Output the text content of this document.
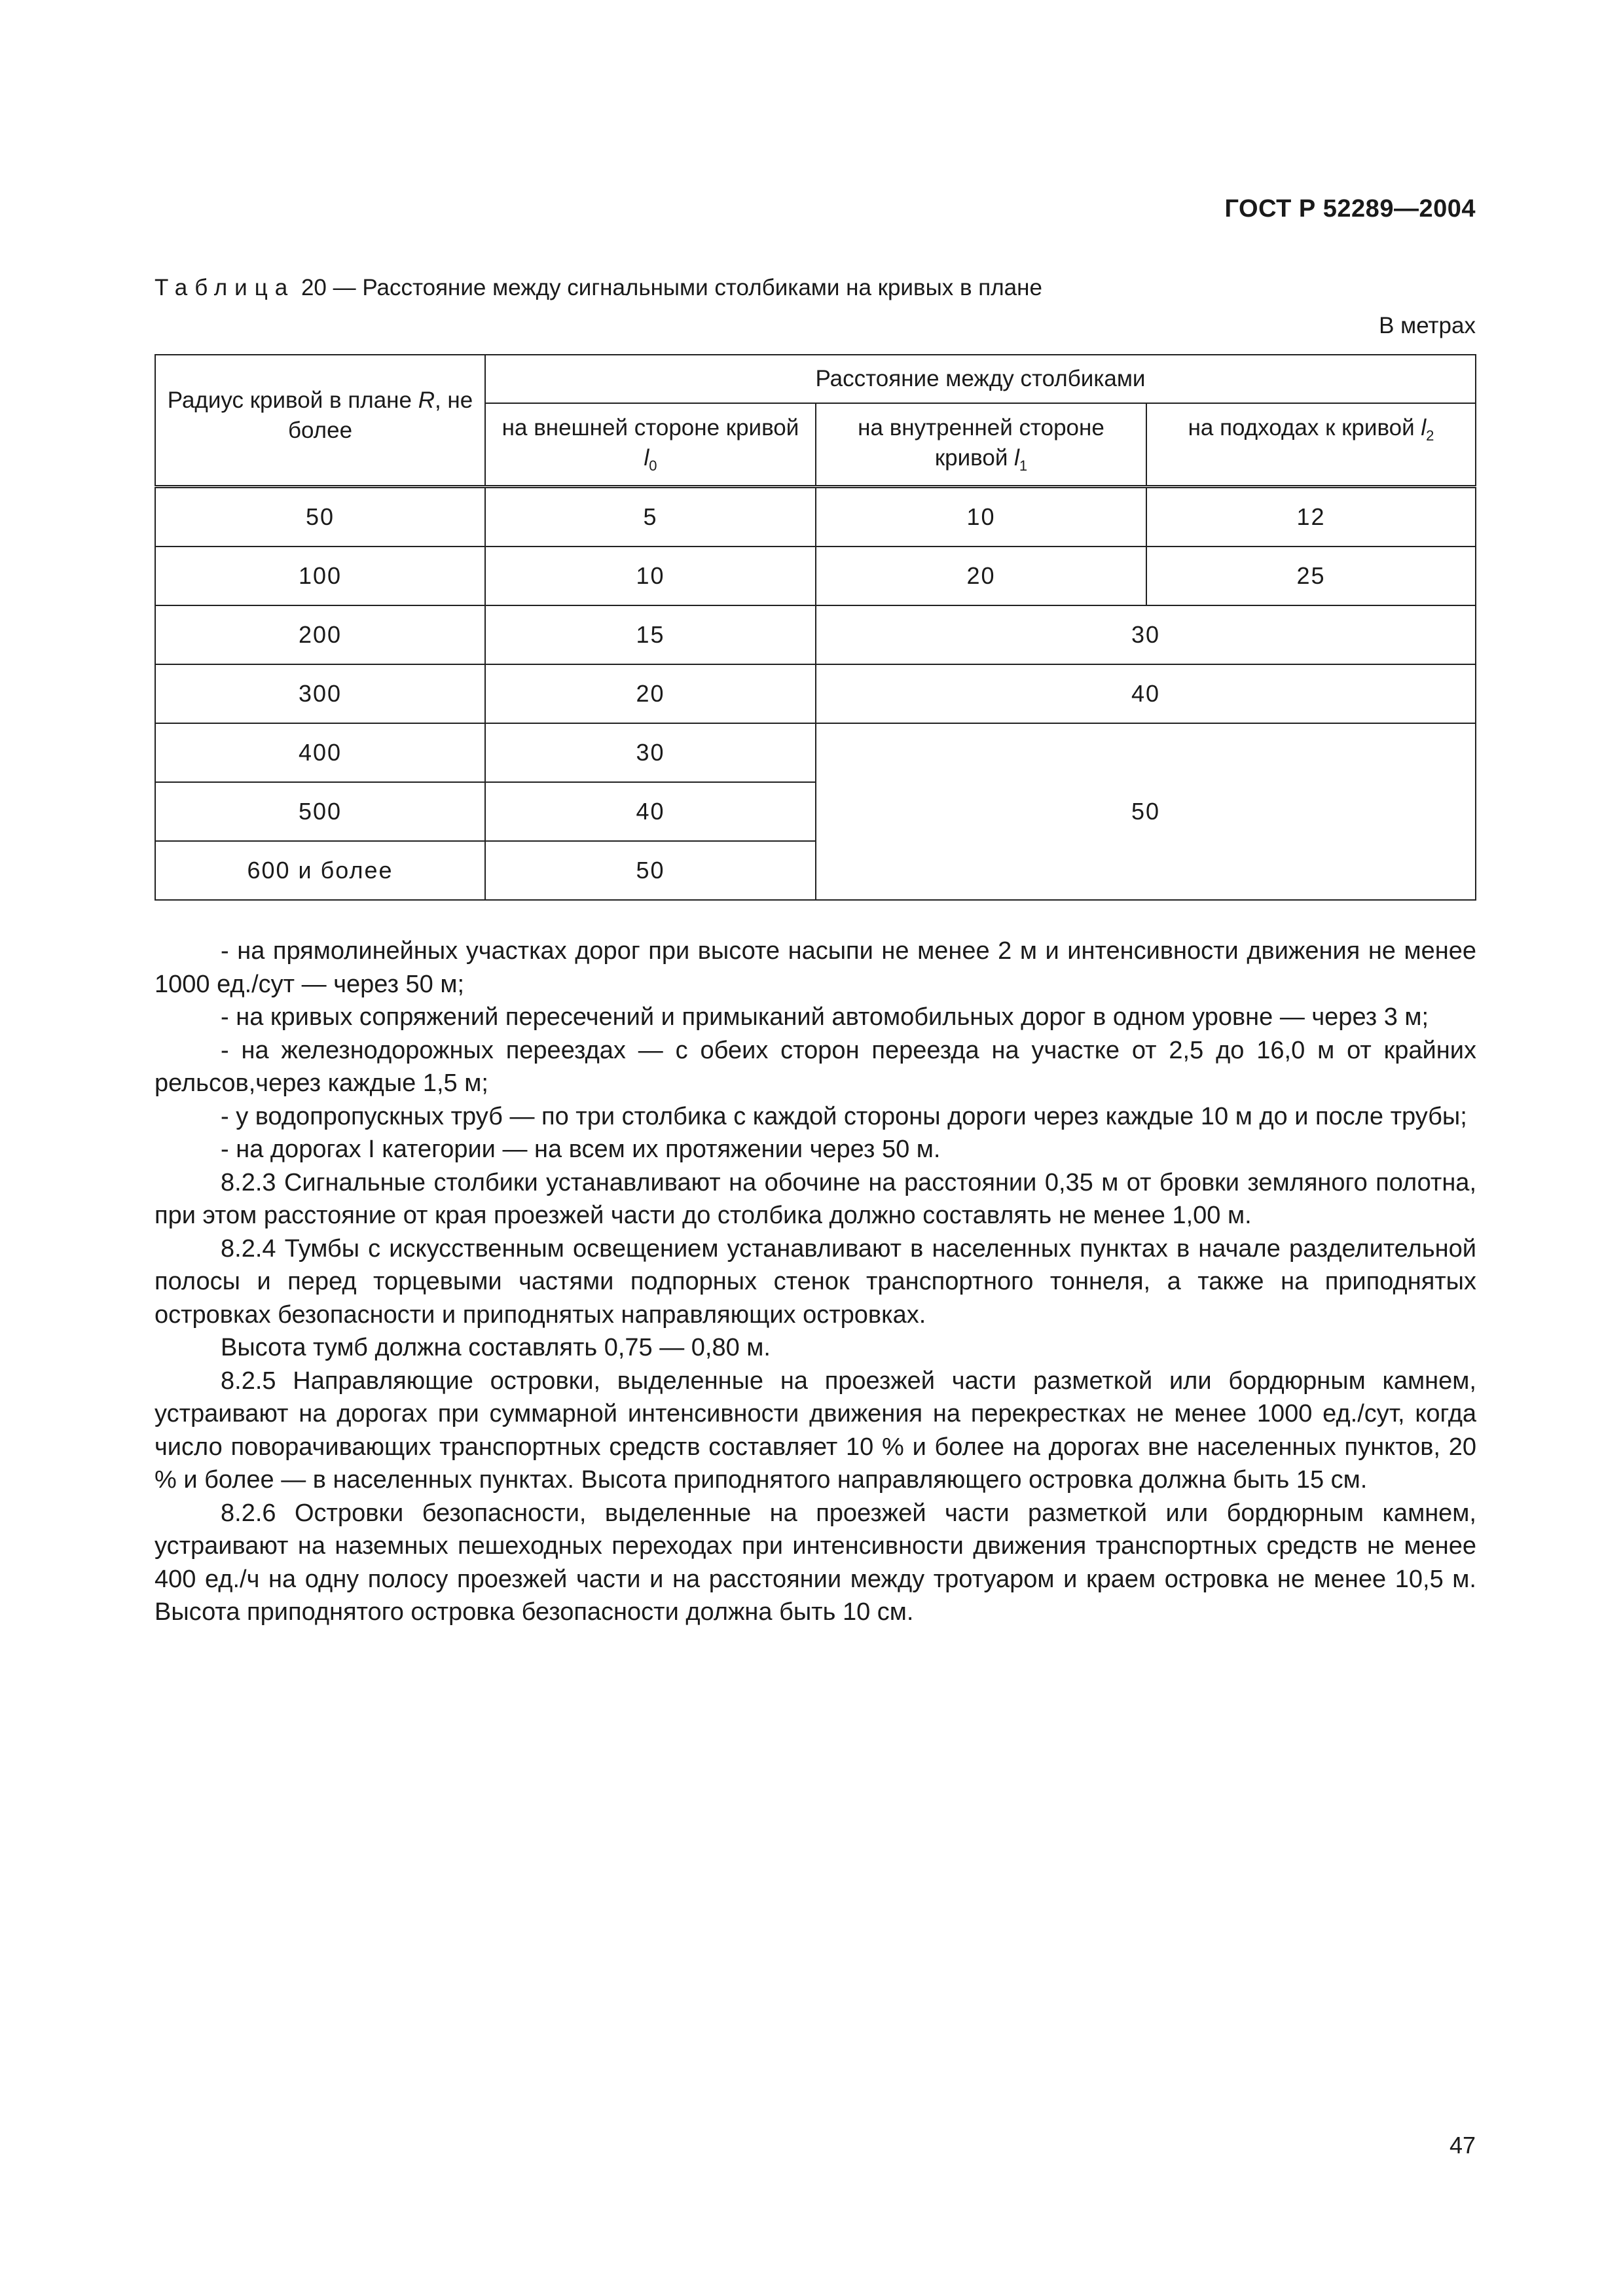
ГОСТ Р 52289—2004
Таблица 20 — Расстояние между сигнальными столбиками на кривых в плане
В метрах
Радиус кривой в плане R, не более	Расстояние между столбиками		
	на внешней стороне кривой $l_0$	на внутренней стороне кривой $l_1$	на подходах к кривой $l_2$
50	5	10	12
100	10	20	25
200	15	30	
300	20	40	
400	30	50	
500	40		
600 и более	50		

- на прямолинейных участках дорог при высоте насыпи не менее 2 м и интенсивности движения не менее 1000 ед./сут — через 50 м;

- на кривых сопряжений пересечений и примыканий автомобильных дорог в одном уровне — через 3 м;

- на железнодорожных переездах — с обеих сторон переезда на участке от 2,5 до 16,0 м от крайних рельсов,через каждые 1,5 м;

- у водопропускных труб — по три столбика с каждой стороны дороги через каждые 10 м до и после трубы;

- на дорогах I категории — на всем их протяжении через 50 м.

8.2.3 Сигнальные столбики устанавливают на обочине на расстоянии 0,35 м от бровки земляного полотна, при этом расстояние от края проезжей части до столбика должно составлять не менее 1,00 м.

8.2.4 Тумбы с искусственным освещением устанавливают в населенных пунктах в начале разделительной полосы и перед торцевыми частями подпорных стенок транспортного тоннеля, а также на приподнятых островках безопасности и приподнятых направляющих островках.

Высота тумб должна составлять 0,75 — 0,80 м.

8.2.5 Направляющие островки, выделенные на проезжей части разметкой или бордюрным камнем, устраивают на дорогах при суммарной интенсивности движения на перекрестках не менее 1000 ед./сут, когда число поворачивающих транспортных средств составляет 10 % и более на дорогах вне населенных пунктов, 20 % и более — в населенных пунктах. Высота приподнятого направляющего островка должна быть 15 см.

8.2.6 Островки безопасности, выделенные на проезжей части разметкой или бордюрным камнем, устраивают на наземных пешеходных переходах при интенсивности движения транспортных средств не менее 400 ед./ч на одну полосу проезжей части и на расстоянии между тротуаром и краем островка не менее 10,5 м. Высота приподнятого островка безопасности должна быть 10 см.

47
